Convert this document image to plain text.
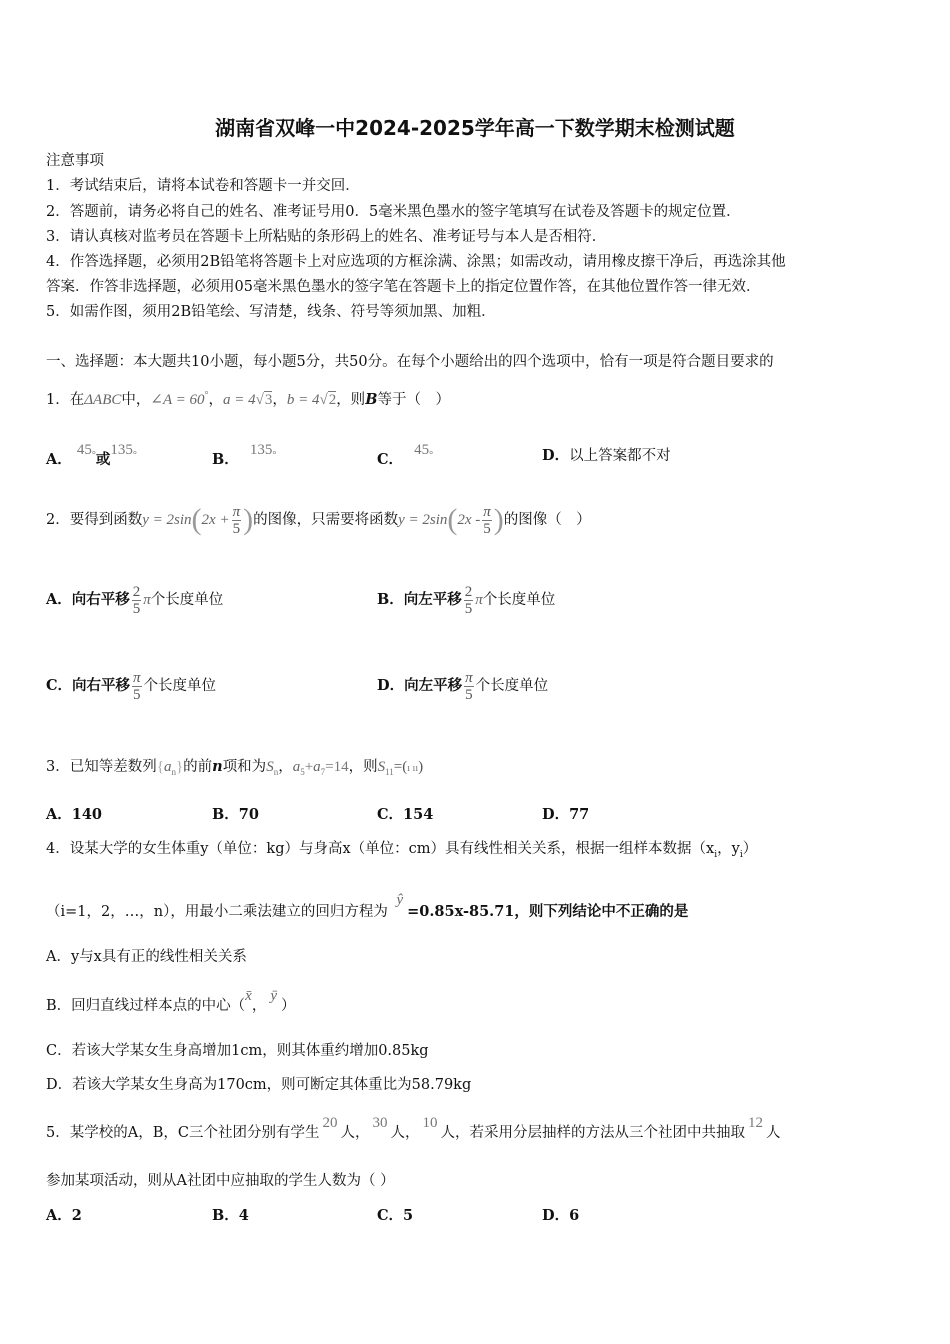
湖南省双峰一中2024-2025学年高一下数学期末检测试题
注意事项
1．考试结束后，请将本试卷和答题卡一并交回．
2．答题前，请务必将自己的姓名、准考证号用0．5毫米黑色墨水的签字笔填写在试卷及答题卡的规定位置．
3．请认真核对监考员在答题卡上所粘贴的条形码上的姓名、准考证号与本人是否相符．
4．作答选择题，必须用2B铅笔将答题卡上对应选项的方框涂满、涂黑；如需改动，请用橡皮擦干净后，再选涂其他
答案．作答非选择题，必须用05毫米黑色墨水的签字笔在答题卡上的指定位置作答，在其他位置作答一律无效．
5．如需作图，须用2B铅笔绘、写清楚，线条、符号等须加黑、加粗．
一、选择题：本大题共10小题，每小题5分，共50分。在每个小题给出的四个选项中，恰有一项是符合题目要求的
1．在ΔABC中，∠A = 60°，a = 4√3，b = 4√2，则B等于（　）
A． 45°或135°	B． 135°	C． 45°	D．以上答案都不对
2．要得到函数$y = 2\sin(2x + \frac{\pi}{5}$ )的图像，只需要将函数$y = 2\sin(2x - \frac{\pi}{5}$ )的图像（　）
A．向右平移 $\frac{2}{5}$ π个长度单位	B．向左平移 $\frac{2}{5}$ π个长度单位
C．向右平移 $\frac{\pi}{5}$ 个长度单位	D．向左平移 $\frac{\pi}{5}$ 个长度单位
3．已知等差数列$\{a_n\}$的前n项和为$S_n$，$a_5+a_7=14$，则$S_{11}=(ı$ ıı)
A．140	B．70	C．154	D．77
4．设某大学的女生体重y（单位：kg）与身高x（单位：cm）具有线性相关关系，根据一组样本数据（$x_i$，$y_i$）
（i=1，2，…，n），用最小二乘法建立的回归方程为 ŷ=0.85x-85.71，则下列结论中不正确的是
A．y与x具有正的线性相关关系
B．回归直线过样本点的中心（x̄，ȳ）
C．若该大学某女生身高增加1cm，则其体重约增加0.85kg
D．若该大学某女生身高为170cm，则可断定其体重比为58.79kg
5．某学校的A，B，C三个社团分别有学生20人，30人，10人，若采用分层抽样的方法从三个社团中共抽取12人
参加某项活动，则从A社团中应抽取的学生人数为（ ）
A．2	B．4	C．5	D．6
